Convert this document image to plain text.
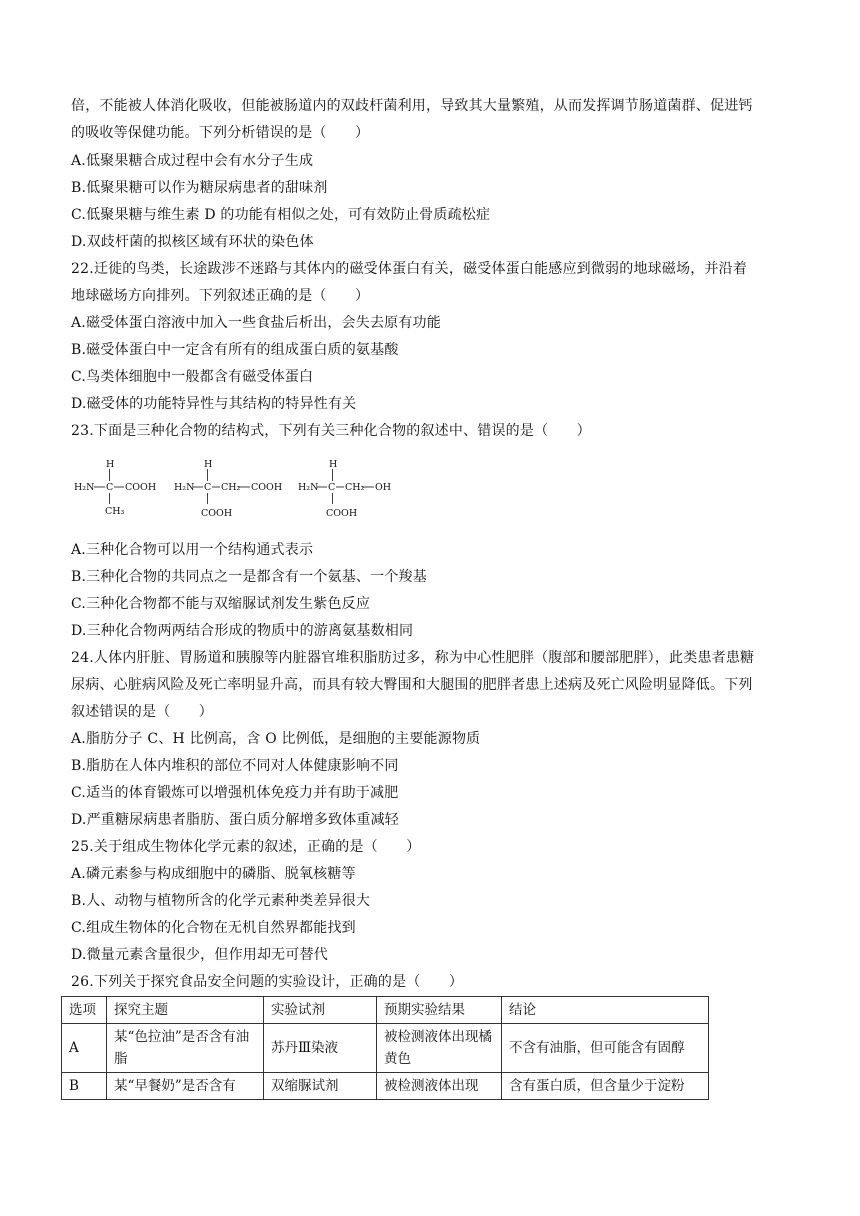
倍，不能被人体消化吸收，但能被肠道内的双歧杆菌利用，导致其大量繁殖，从而发挥调节肠道菌群、促进钙
的吸收等保健功能。下列分析错误的是（　　）
A.低聚果糖合成过程中会有水分子生成
B.低聚果糖可以作为糖尿病患者的甜味剂
C.低聚果糖与维生素 D 的功能有相似之处，可有效防止骨质疏松症
D.双歧杆菌的拟核区域有环状的染色体
22.迁徙的鸟类，长途跋涉不迷路与其体内的磁受体蛋白有关，磁受体蛋白能感应到微弱的地球磁场，并沿着
地球磁场方向排列。下列叙述正确的是（　　）
A.磁受体蛋白溶液中加入一些食盐后析出，会失去原有功能
B.磁受体蛋白中一定含有所有的组成蛋白质的氨基酸
C.鸟类体细胞中一般都含有磁受体蛋白
D.磁受体的功能特异性与其结构的特异性有关
23.下面是三种化合物的结构式，下列有关三种化合物的叙述中、错误的是（　　）
H
H₂N C COOH
CH₃
H
H₂N C CH₂ COOH
COOH
H
H₂N C CH₂ OH
COOH
A.三种化合物可以用一个结构通式表示
B.三种化合物的共同点之一是都含有一个氨基、一个羧基
C.三种化合物都不能与双缩脲试剂发生紫色反应
D.三种化合物两两结合形成的物质中的游离氨基数相同
24.人体内肝脏、胃肠道和胰腺等内脏器官堆积脂肪过多，称为中心性肥胖（腹部和腰部肥胖），此类患者患糖
尿病、心脏病风险及死亡率明显升高，而具有较大臀围和大腿围的肥胖者患上述病及死亡风险明显降低。下列
叙述错误的是（　　）
A.脂肪分子 C、H 比例高，含 O 比例低，是细胞的主要能源物质
B.脂肪在人体内堆积的部位不同对人体健康影响不同
C.适当的体育锻炼可以增强机体免疫力并有助于减肥
D.严重糖尿病患者脂肪、蛋白质分解增多致体重减轻
25.关于组成生物体化学元素的叙述，正确的是（　　）
A.磷元素参与构成细胞中的磷脂、脱氧核糖等
B.人、动物与植物所含的化学元素种类差异很大
C.组成生物体的化合物在无机自然界都能找到
D.微量元素含量很少，但作用却无可替代
26.下列关于探究食品安全问题的实验设计，正确的是（　　）
选项	探究主题	实验试剂	预期实验结果	结论
A	某“色拉油”是否含有油脂	苏丹Ⅲ染液	被检测液体出现橘黄色	不含有油脂，但可能含有固醇
B	某“早餐奶”是否含有	双缩脲试剂	被检测液体出现	含有蛋白质，但含量少于淀粉
